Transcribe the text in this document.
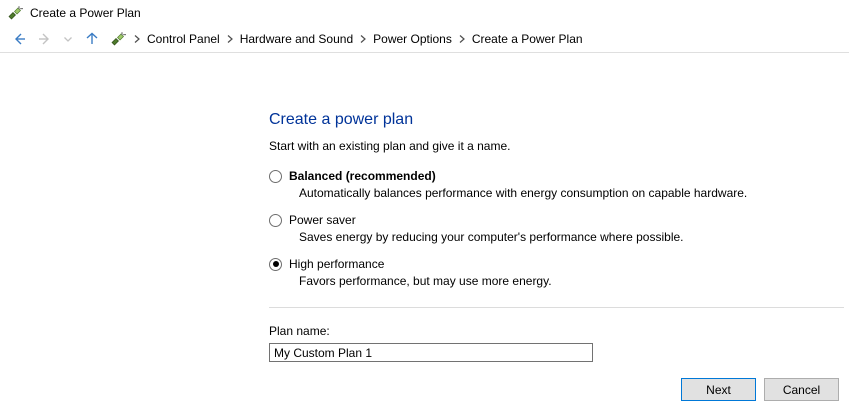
Create a Power Plan
Control Panel Hardware and Sound Power Options Create a Power Plan
Create a power plan
Start with an existing plan and give it a name.
Balanced (recommended)
Automatically balances performance with energy consumption on capable hardware.
Power saver
Saves energy by reducing your computer's performance where possible.
High performance
Favors performance, but may use more energy.
Plan name:
My Custom Plan 1
Next	Cancel
